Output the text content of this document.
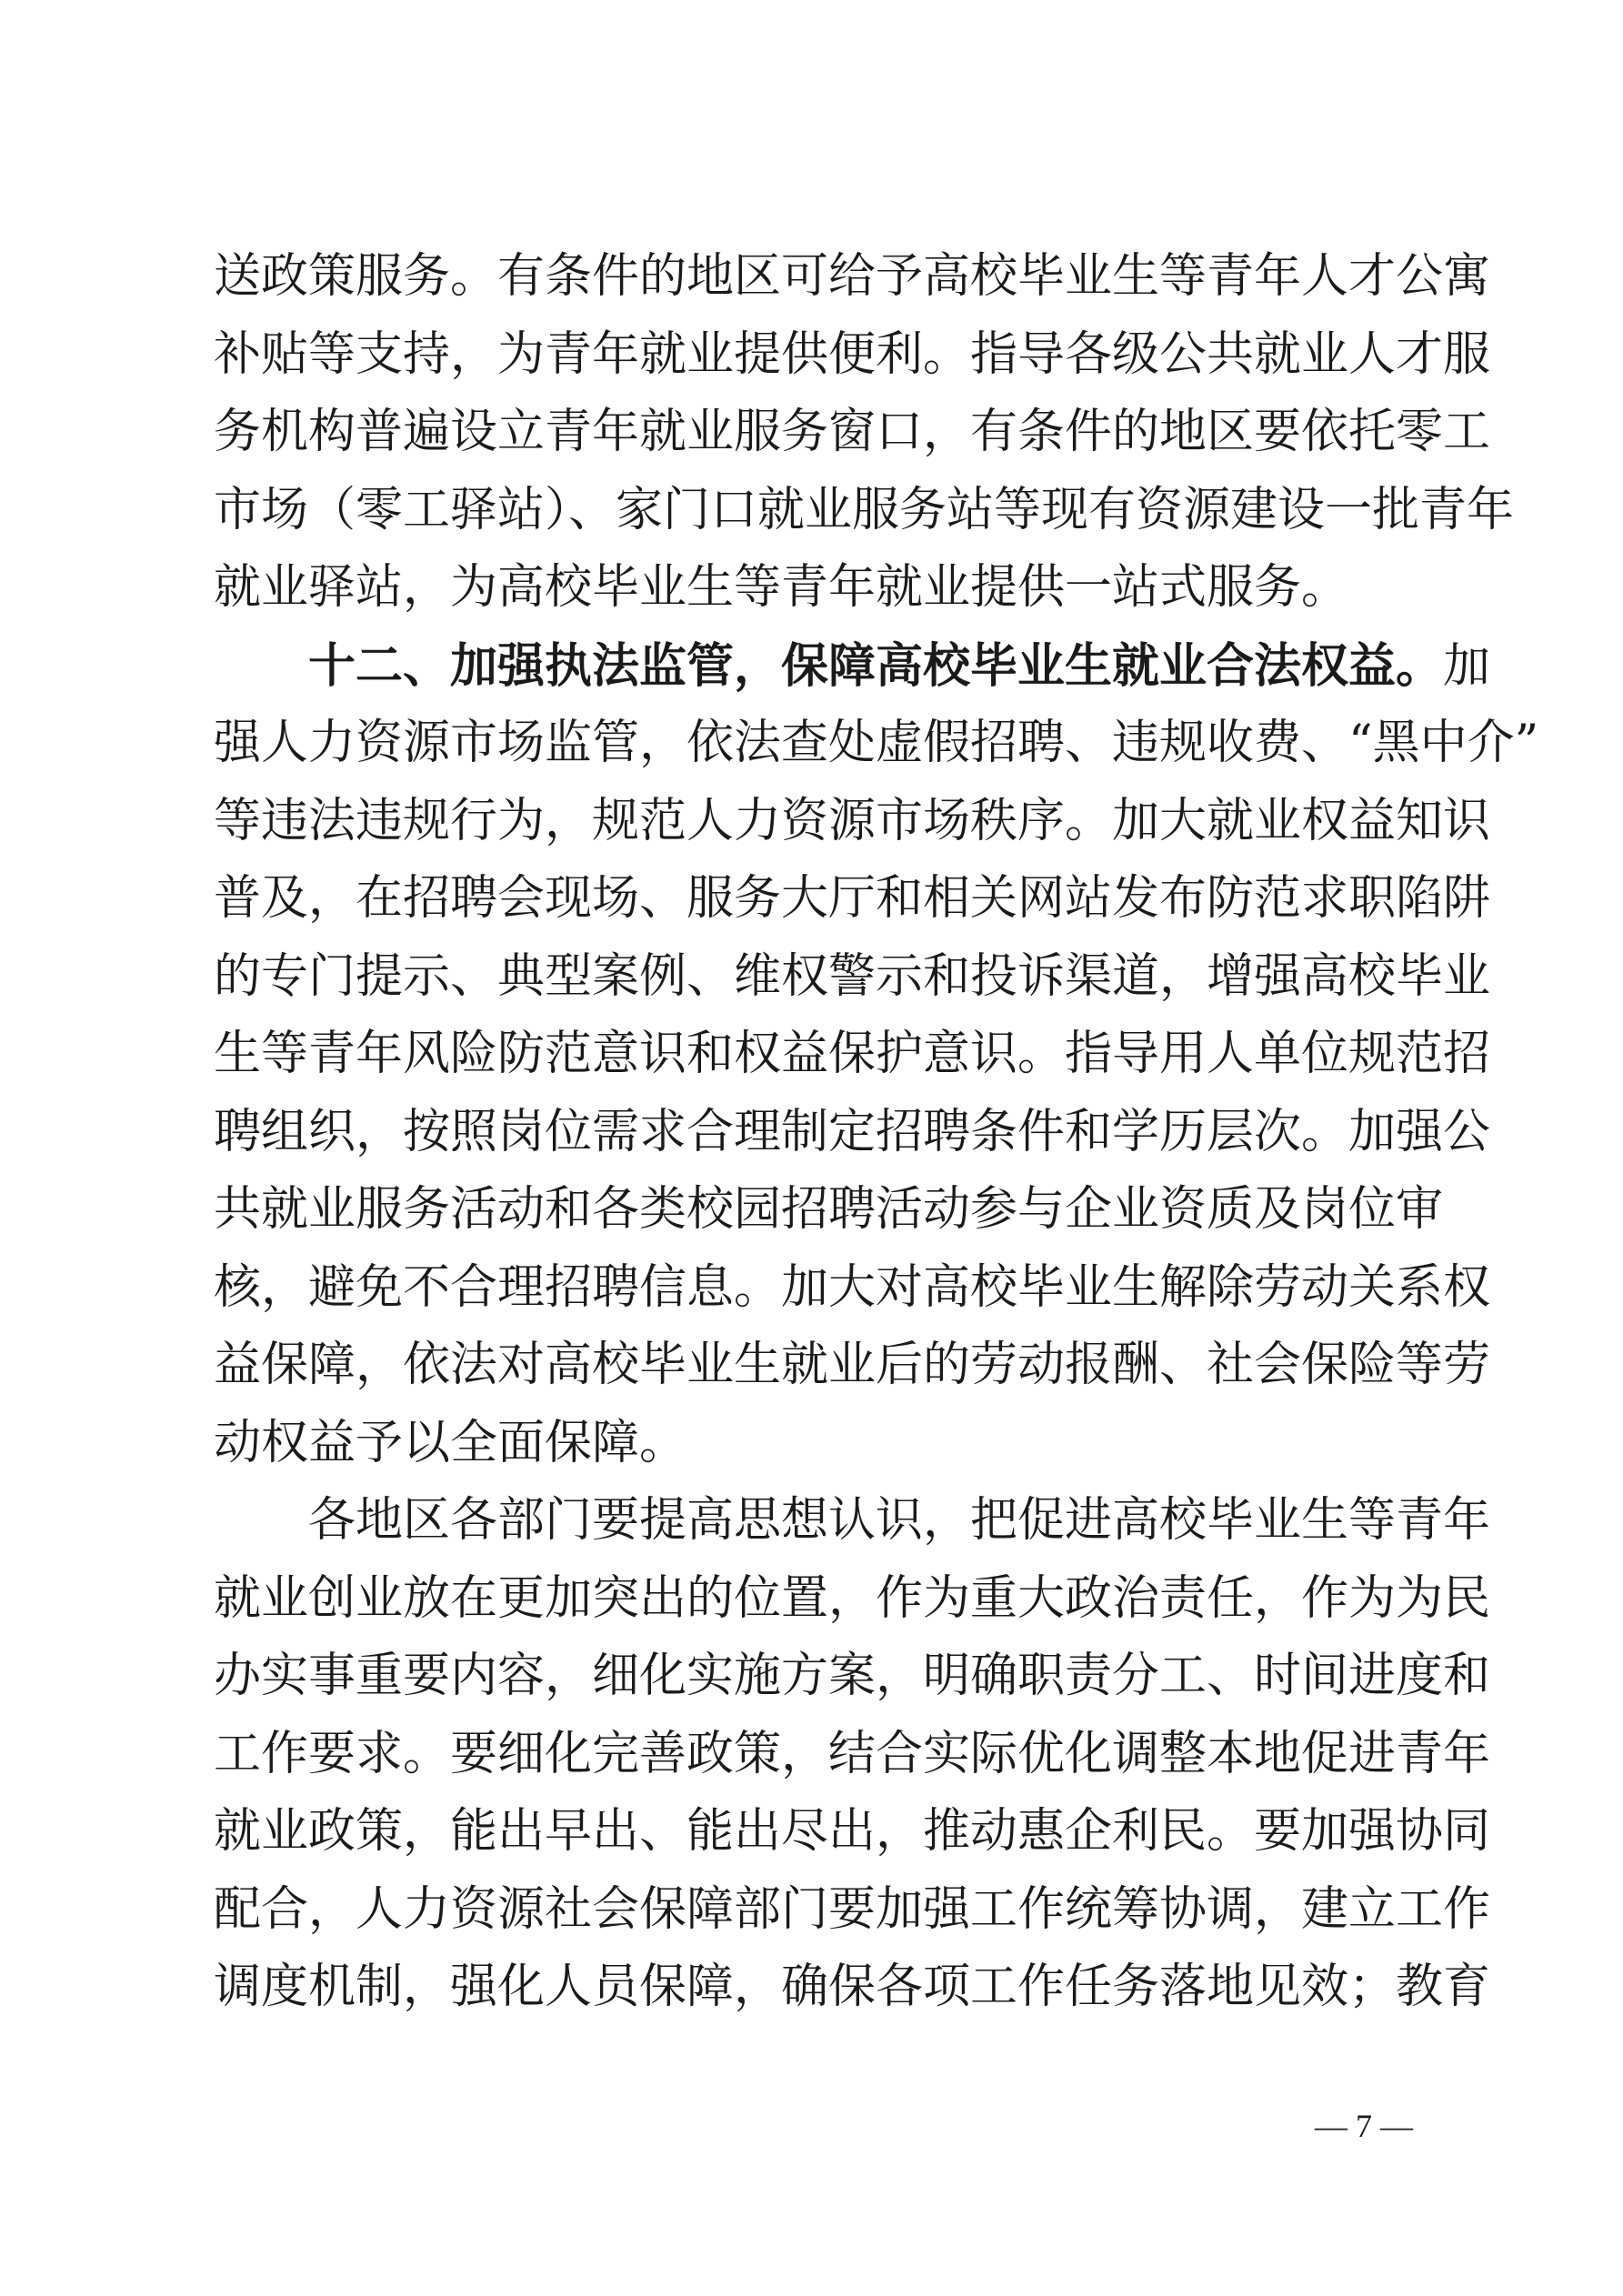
送政策服务。有条件的地区可给予高校毕业生等青年人才公寓
补贴等支持，为青年就业提供便利。指导各级公共就业人才服
务机构普遍设立青年就业服务窗口，有条件的地区要依托零工
市场（零工驿站）、家门口就业服务站等现有资源建设一批青年
就业驿站，为高校毕业生等青年就业提供一站式服务。
十二、加强执法监管，保障高校毕业生就业合法权益。加
强人力资源市场监管，依法查处虚假招聘、违规收费、“黑中介”
等违法违规行为，规范人力资源市场秩序。加大就业权益知识
普及，在招聘会现场、服务大厅和相关网站发布防范求职陷阱
的专门提示、典型案例、维权警示和投诉渠道，增强高校毕业
生等青年风险防范意识和权益保护意识。指导用人单位规范招
聘组织，按照岗位需求合理制定招聘条件和学历层次。加强公
共就业服务活动和各类校园招聘活动参与企业资质及岗位审
核，避免不合理招聘信息。加大对高校毕业生解除劳动关系权
益保障，依法对高校毕业生就业后的劳动报酬、社会保险等劳
动权益予以全面保障。
各地区各部门要提高思想认识，把促进高校毕业生等青年
就业创业放在更加突出的位置，作为重大政治责任，作为为民
办实事重要内容，细化实施方案，明确职责分工、时间进度和
工作要求。要细化完善政策，结合实际优化调整本地促进青年
就业政策，能出早出、能出尽出，推动惠企利民。要加强协同
配合，人力资源社会保障部门要加强工作统筹协调，建立工作
调度机制，强化人员保障，确保各项工作任务落地见效；教育
— 7 —
